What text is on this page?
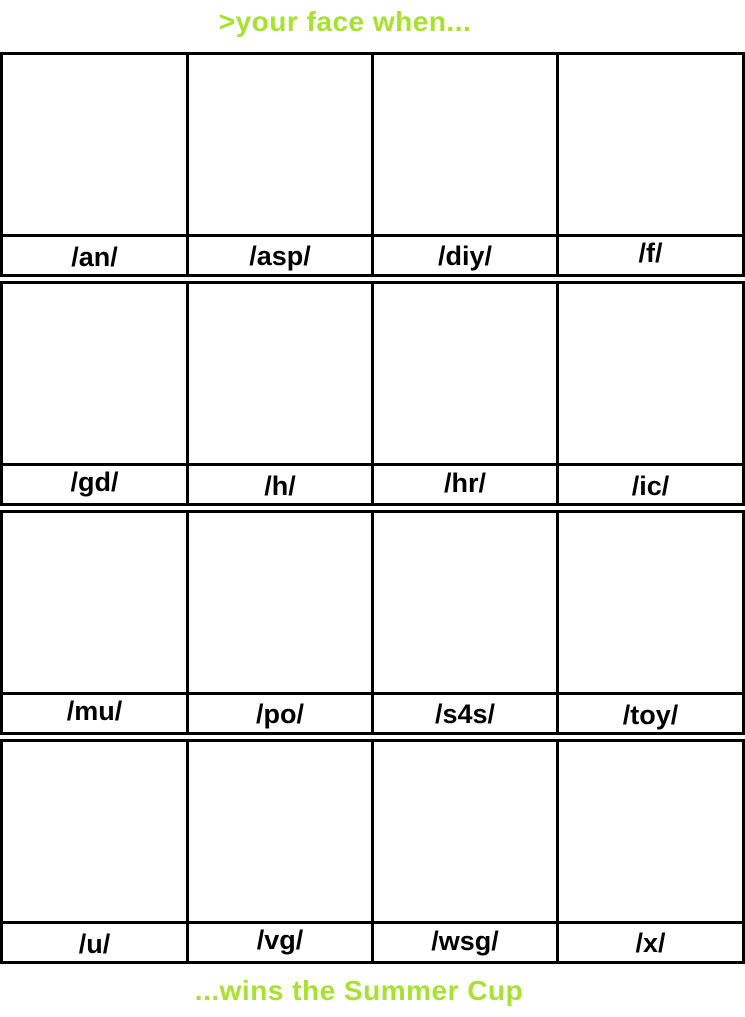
>your face when...
/an/	/asp/	/diy/	/f/
/gd/	/h/	/hr/	/ic/
/mu/	/po/	/s4s/	/toy/
/u/	/vg/	/wsg/	/x/
...wins the Summer Cup
